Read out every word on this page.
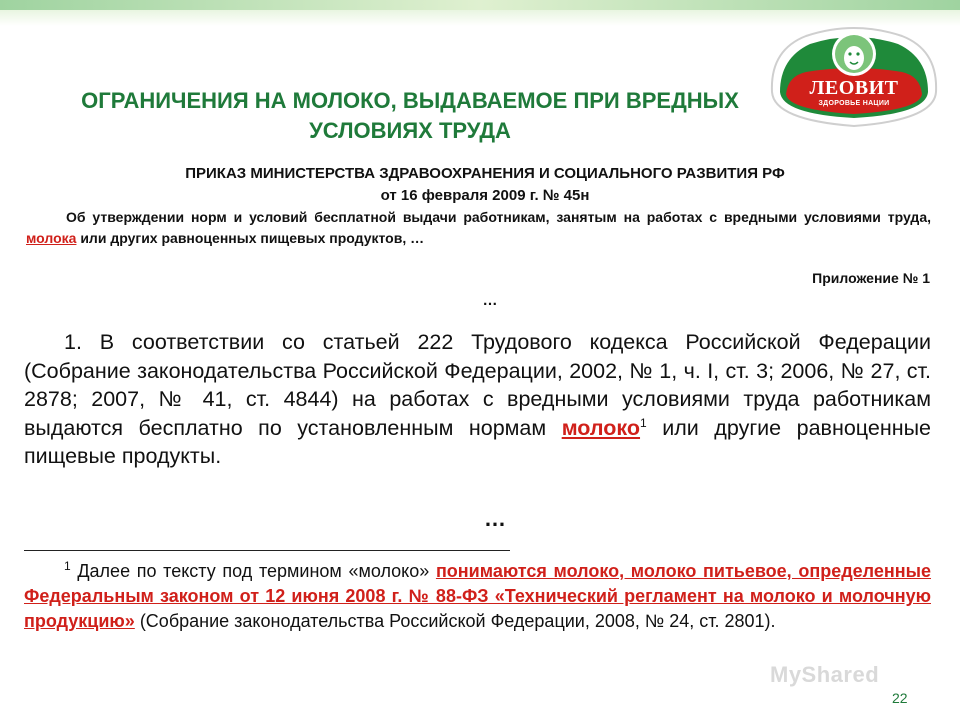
ЛЕОВИТ
ЗДОРОВЬЕ НАЦИИ
ОГРАНИЧЕНИЯ НА МОЛОКО, ВЫДАВАЕМОЕ ПРИ ВРЕДНЫХ УСЛОВИЯХ ТРУДА
ПРИКАЗ МИНИСТЕРСТВА ЗДРАВООХРАНЕНИЯ И СОЦИАЛЬНОГО РАЗВИТИЯ РФ
от 16 февраля 2009 г. № 45н
Об утверждении норм и условий бесплатной выдачи работникам, занятым на работах с вредными условиями труда, молока или других равноценных пищевых продуктов, …
Приложение № 1
…
1. В соответствии со статьей 222 Трудового кодекса Российской Федерации (Собрание законодательства Российской Федерации, 2002, № 1, ч. I, ст. 3; 2006, № 27, ст. 2878; 2007, № 41, ст. 4844) на работах с вредными условиями труда работникам выдаются бесплатно по установленным нормам молоко$^1$ или другие равноценные пищевые продукты.
…
$^1$ Далее по тексту под термином «молоко» понимаются молоко, молоко питьевое, определенные Федеральным законом от 12 июня 2008 г. № 88-ФЗ «Технический регламент на молоко и молочную продукцию» (Собрание законодательства Российской Федерации, 2008, № 24, ст. 2801).
MyShared
22
